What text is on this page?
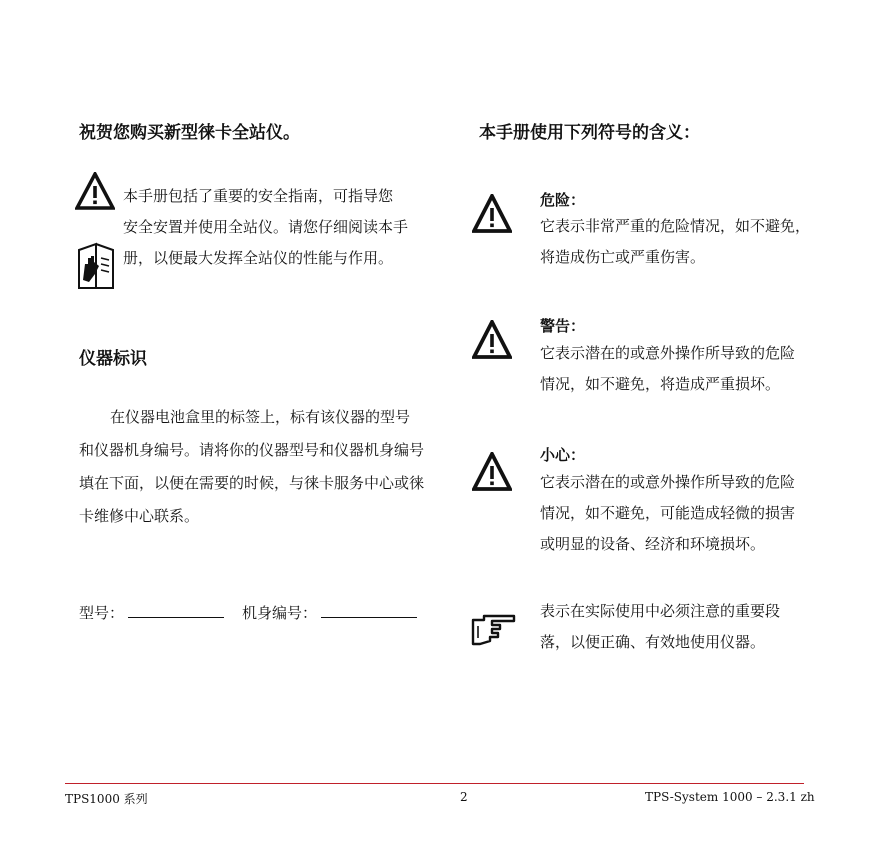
祝贺您购买新型徕卡全站仪。
本手册包括了重要的安全指南，可指导您
安全安置并使用全站仪。请您仔细阅读本手
册，以便最大发挥全站仪的性能与作用。
仪器标识
在仪器电池盒里的标签上，标有该仪器的型号和仪器机身编号。请将你的仪器型号和仪器机身编号填在下面，以便在需要的时候，与徕卡服务中心或徕卡维修中心联系。
型号：	机身编号：
本手册使用下列符号的含义：
危险：
它表示非常严重的危险情况，如不避免，
将造成伤亡或严重伤害。
警告：
它表示潜在的或意外操作所导致的危险
情况，如不避免，将造成严重损坏。
小心：
它表示潜在的或意外操作所导致的危险
情况，如不避免，可能造成轻微的损害
或明显的设备、经济和环境损坏。
表示在实际使用中必须注意的重要段
落，以便正确、有效地使用仪器。
TPS1000 系列	2	TPS-System 1000 – 2.3.1 zh
